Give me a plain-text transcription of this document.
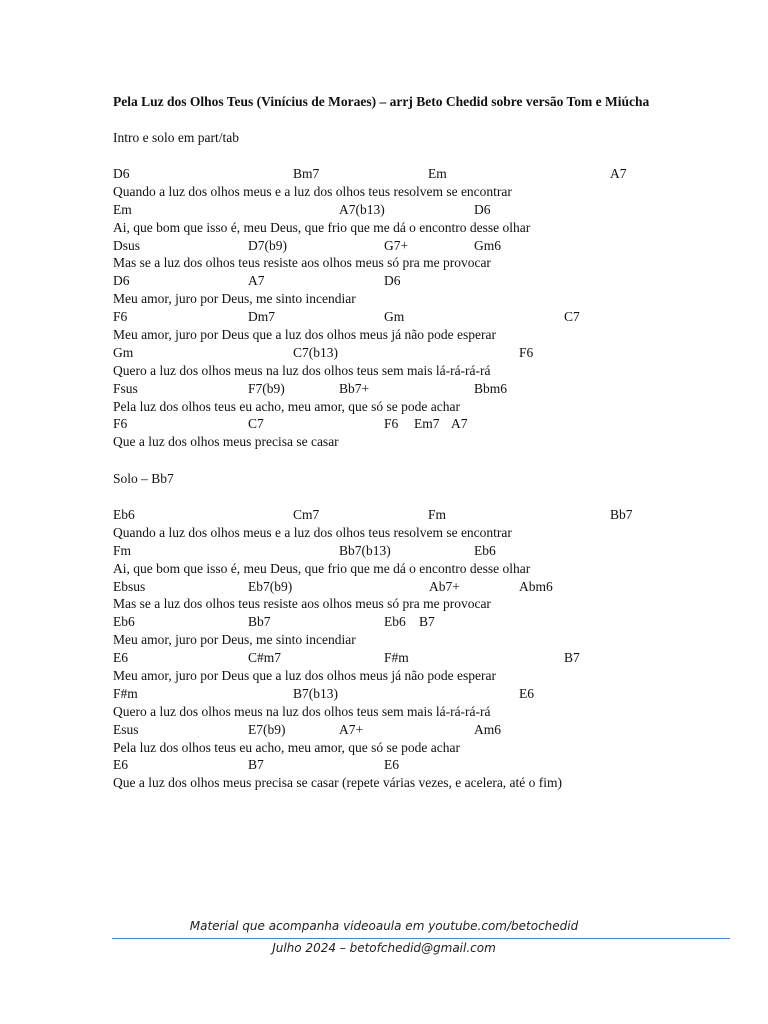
Pela Luz dos Olhos Teus (Vinícius de Moraes) – arrj Beto Chedid sobre versão Tom e Miúcha
Intro e solo em part/tab
D6	Bm7	Em	A7
Quando a luz dos olhos meus e a luz dos olhos teus resolvem se encontrar
Em	A7(b13)	D6
Ai, que bom que isso é, meu Deus, que frio que me dá o encontro desse olhar
Dsus	D7(b9)	G7+	Gm6
Mas se a luz dos olhos teus resiste aos olhos meus só pra me provocar
D6	A7	D6
Meu amor, juro por Deus, me sinto incendiar
F6	Dm7	Gm	C7
Meu amor, juro por Deus que a luz dos olhos meus já não pode esperar
Gm	C7(b13)	F6
Quero a luz dos olhos meus na luz dos olhos teus sem mais lá-rá-rá-rá
Fsus	F7(b9)	Bb7+	Bbm6
Pela luz dos olhos teus eu acho, meu amor, que só se pode achar
F6	C7	F6 Em7 A7
Que a luz dos olhos meus precisa se casar
Solo – Bb7
Eb6	Cm7	Fm	Bb7
Quando a luz dos olhos meus e a luz dos olhos teus resolvem se encontrar
Fm	Bb7(b13)	Eb6
Ai, que bom que isso é, meu Deus, que frio que me dá o encontro desse olhar
Ebsus	Eb7(b9)	Ab7+	Abm6
Mas se a luz dos olhos teus resiste aos olhos meus só pra me provocar
Eb6	Bb7	Eb6 B7
Meu amor, juro por Deus, me sinto incendiar
E6	C#m7	F#m	B7
Meu amor, juro por Deus que a luz dos olhos meus já não pode esperar
F#m	B7(b13)	E6
Quero a luz dos olhos meus na luz dos olhos teus sem mais lá-rá-rá-rá
Esus	E7(b9)	A7+	Am6
Pela luz dos olhos teus eu acho, meu amor, que só se pode achar
E6	B7	E6
Que a luz dos olhos meus precisa se casar (repete várias vezes, e acelera, até o fim)
Material que acompanha videoaula em youtube.com/betochedid
Julho 2024 – betofchedid@gmail.com
